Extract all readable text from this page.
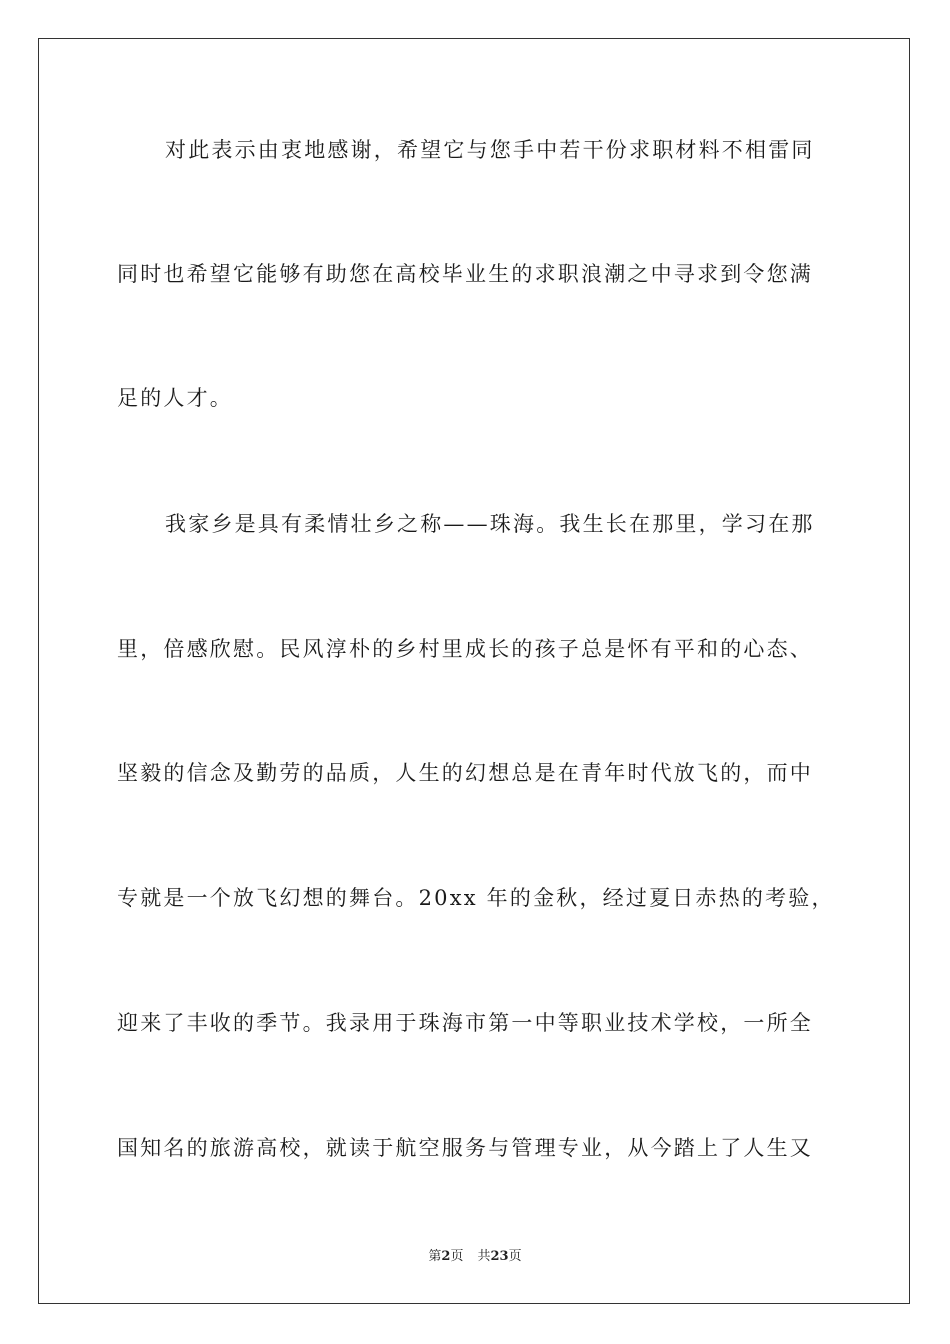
对此表示由衷地感谢，希望它与您手中若干份求职材料不相雷同
同时也希望它能够有助您在高校毕业生的求职浪潮之中寻求到令您满
足的人才。
我家乡是具有柔情壮乡之称——珠海。我生长在那里，学习在那
里，倍感欣慰。民风淳朴的乡村里成长的孩子总是怀有平和的心态、
坚毅的信念及勤劳的品质，人生的幻想总是在青年时代放飞的，而中
专就是一个放飞幻想的舞台。20xx 年的金秋，经过夏日赤热的考验，
迎来了丰收的季节。我录用于珠海市第一中等职业技术学校，一所全
国知名的旅游高校，就读于航空服务与管理专业，从今踏上了人生又
第2页 共23页
